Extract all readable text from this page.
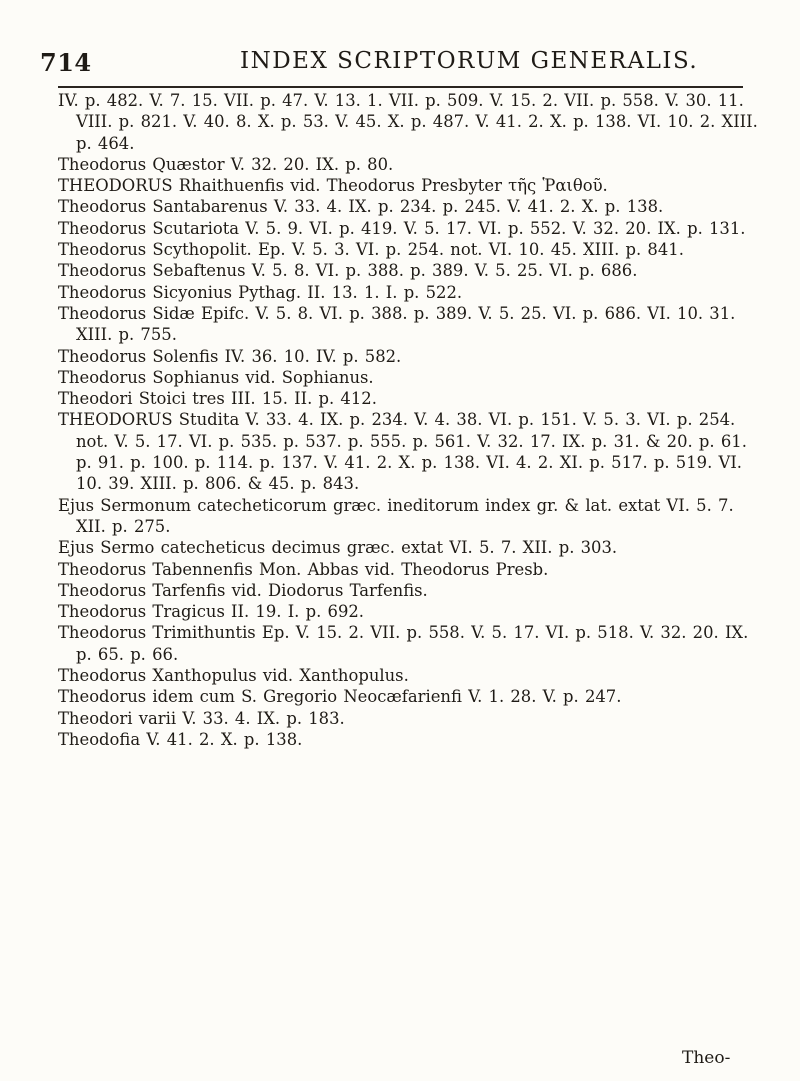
714	INDEX SCRIPTORUM GENERALIS.
IV. p. 482. V. 7. 15. VII. p. 47. V. 13. 1. VII. p. 509. V. 15. 2. VII. p. 558. V. 30. 11. VIII. p. 821. V. 40. 8. X. p. 53. V. 45. X. p. 487. V. 41. 2. X. p. 138. VI. 10. 2. XIII. p. 464.
Theodorus Quæstor V. 32. 20. IX. p. 80.
THEODORUS Rhaithuenfis vid. Theodorus Presbyter τῆς Ῥαιθοῦ.
Theodorus Santabarenus V. 33. 4. IX. p. 234. p. 245. V. 41. 2. X. p. 138.
Theodorus Scutariota V. 5. 9. VI. p. 419. V. 5. 17. VI. p. 552. V. 32. 20. IX. p. 131.
Theodorus Scythopolit. Ep. V. 5. 3. VI. p. 254. not. VI. 10. 45. XIII. p. 841.
Theodorus Sebaftenus V. 5. 8. VI. p. 388. p. 389. V. 5. 25. VI. p. 686.
Theodorus Sicyonius Pythag. II. 13. 1. I. p. 522.
Theodorus Sidæ Epifc. V. 5. 8. VI. p. 388. p. 389. V. 5. 25. VI. p. 686. VI. 10. 31. XIII. p. 755.
Theodorus Solenfis IV. 36. 10. IV. p. 582.
Theodorus Sophianus vid. Sophianus.
Theodori Stoici tres III. 15. II. p. 412.
THEODORUS Studita V. 33. 4. IX. p. 234. V. 4. 38. VI. p. 151. V. 5. 3. VI. p. 254. not. V. 5. 17. VI. p. 535. p. 537. p. 555. p. 561. V. 32. 17. IX. p. 31. & 20. p. 61. p. 91. p. 100. p. 114. p. 137. V. 41. 2. X. p. 138. VI. 4. 2. XI. p. 517. p. 519. VI. 10. 39. XIII. p. 806. & 45. p. 843.
Ejus Sermonum catecheticorum græc. ineditorum index gr. & lat. extat VI. 5. 7. XII. p. 275.
Ejus Sermo catecheticus decimus græc. extat VI. 5. 7. XII. p. 303.
Theodorus Tabennenfis Mon. Abbas vid. Theodorus Presb.
Theodorus Tarfenfis vid. Diodorus Tarfenfis.
Theodorus Tragicus II. 19. I. p. 692.
Theodorus Trimithuntis Ep. V. 15. 2. VII. p. 558. V. 5. 17. VI. p. 518. V. 32. 20. IX. p. 65. p. 66.
Theodorus Xanthopulus vid. Xanthopulus.
Theodorus idem cum S. Gregorio Neocæfarienfi V. 1. 28. V. p. 247.
Theodori varii V. 33. 4. IX. p. 183.
Theodofia V. 41. 2. X. p. 138.
Theo-
